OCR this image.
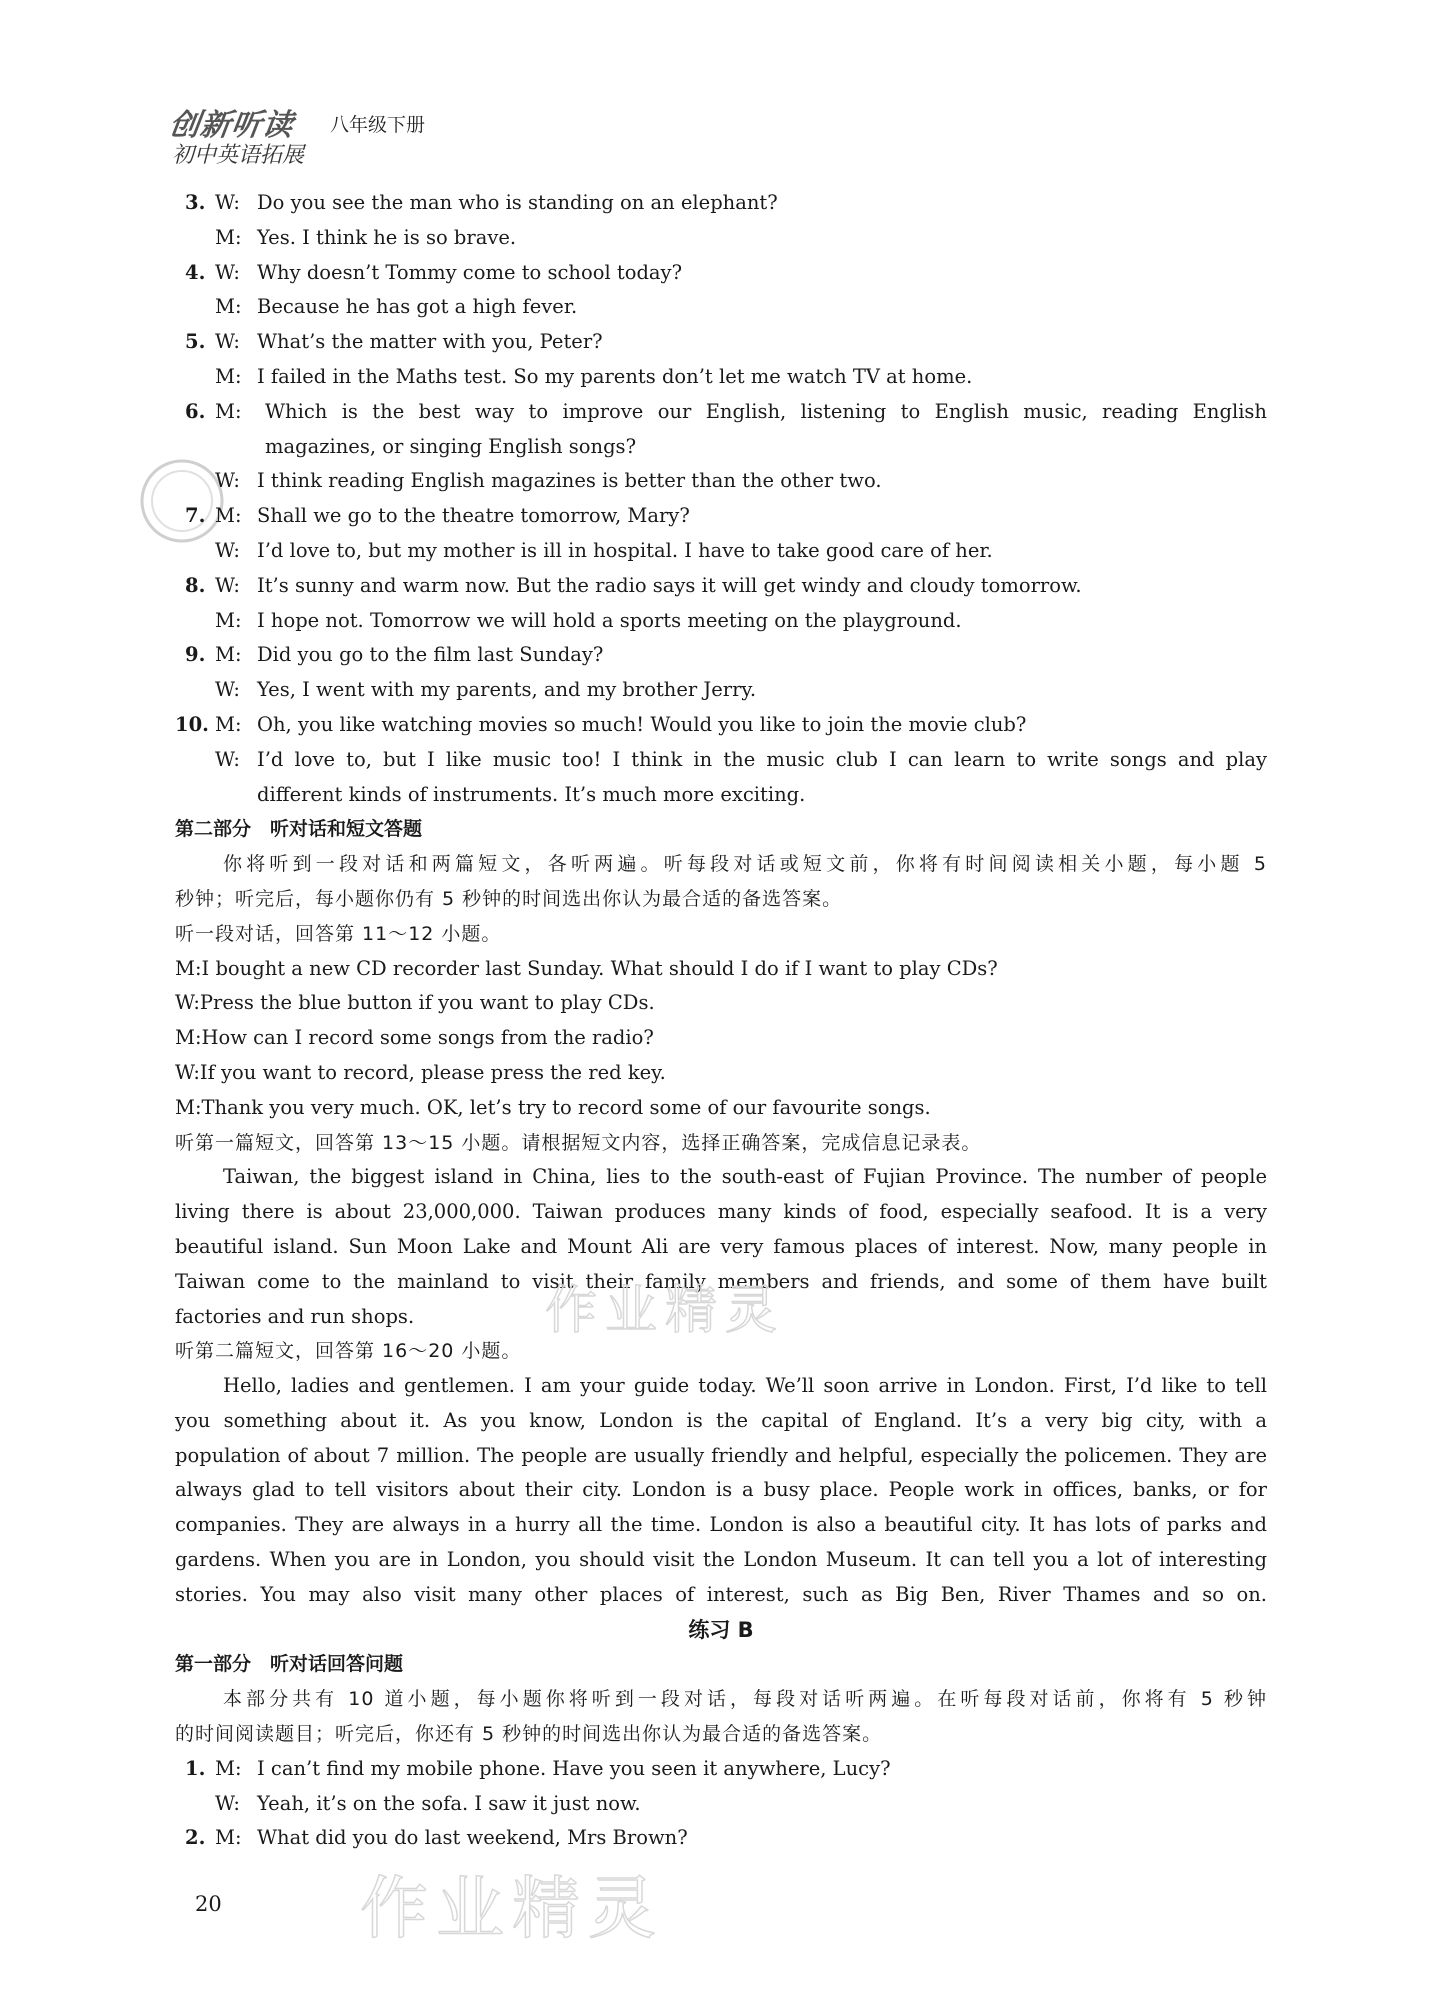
创新听读 八年级下册
初中英语拓展
3. W: Do you see the man who is standing on an elephant?
M: Yes. I think he is so brave.
4. W: Why doesn’t Tommy come to school today?
M: Because he has got a high fever.
5. W: What’s the matter with you, Peter?
M: I failed in the Maths test. So my parents don’t let me watch TV at home.
6. M: Which is the best way to improve our English, listening to English music, reading English
magazines, or singing English songs?
W: I think reading English magazines is better than the other two.
7. M: Shall we go to the theatre tomorrow, Mary?
W: I’d love to, but my mother is ill in hospital. I have to take good care of her.
8. W: It’s sunny and warm now. But the radio says it will get windy and cloudy tomorrow.
M: I hope not. Tomorrow we will hold a sports meeting on the playground.
9. M: Did you go to the film last Sunday?
W: Yes, I went with my parents, and my brother Jerry.
10. M: Oh, you like watching movies so much! Would you like to join the movie club?
W: I’d love to, but I like music too! I think in the music club I can learn to write songs and play
different kinds of instruments. It’s much more exciting.
第二部分　听对话和短文答题
你将听到一段对话和两篇短文，各听两遍。听每段对话或短文前，你将有时间阅读相关小题，每小题 5
秒钟；听完后，每小题你仍有 5 秒钟的时间选出你认为最合适的备选答案。
听一段对话，回答第 11～12 小题。
M:I bought a new CD recorder last Sunday. What should I do if I want to play CDs?
W:Press the blue button if you want to play CDs.
M:How can I record some songs from the radio?
W:If you want to record, please press the red key.
M:Thank you very much. OK, let’s try to record some of our favourite songs.
听第一篇短文，回答第 13～15 小题。请根据短文内容，选择正确答案，完成信息记录表。
Taiwan, the biggest island in China, lies to the south-east of Fujian Province. The number of people
living there is about 23,000,000. Taiwan produces many kinds of food, especially seafood. It is a very
beautiful island. Sun Moon Lake and Mount Ali are very famous places of interest. Now, many people in
Taiwan come to the mainland to visit their family members and friends, and some of them have built
factories and run shops.
听第二篇短文，回答第 16～20 小题。
Hello, ladies and gentlemen. I am your guide today. We’ll soon arrive in London. First, I’d like to tell
you something about it. As you know, London is the capital of England. It’s a very big city, with a
population of about 7 million. The people are usually friendly and helpful, especially the policemen. They are
always glad to tell visitors about their city. London is a busy place. People work in offices, banks, or for
companies. They are always in a hurry all the time. London is also a beautiful city. It has lots of parks and
gardens. When you are in London, you should visit the London Museum. It can tell you a lot of interesting
stories. You may also visit many other places of interest, such as Big Ben, River Thames and so on.
练习 B
第一部分　听对话回答问题
本部分共有 10 道小题，每小题你将听到一段对话，每段对话听两遍。在听每段对话前，你将有 5 秒钟
的时间阅读题目；听完后，你还有 5 秒钟的时间选出你认为最合适的备选答案。
1. M: I can’t find my mobile phone. Have you seen it anywhere, Lucy?
W: Yeah, it’s on the sofa. I saw it just now.
2. M: What did you do last weekend, Mrs Brown?
作业精灵
作业精灵
20
